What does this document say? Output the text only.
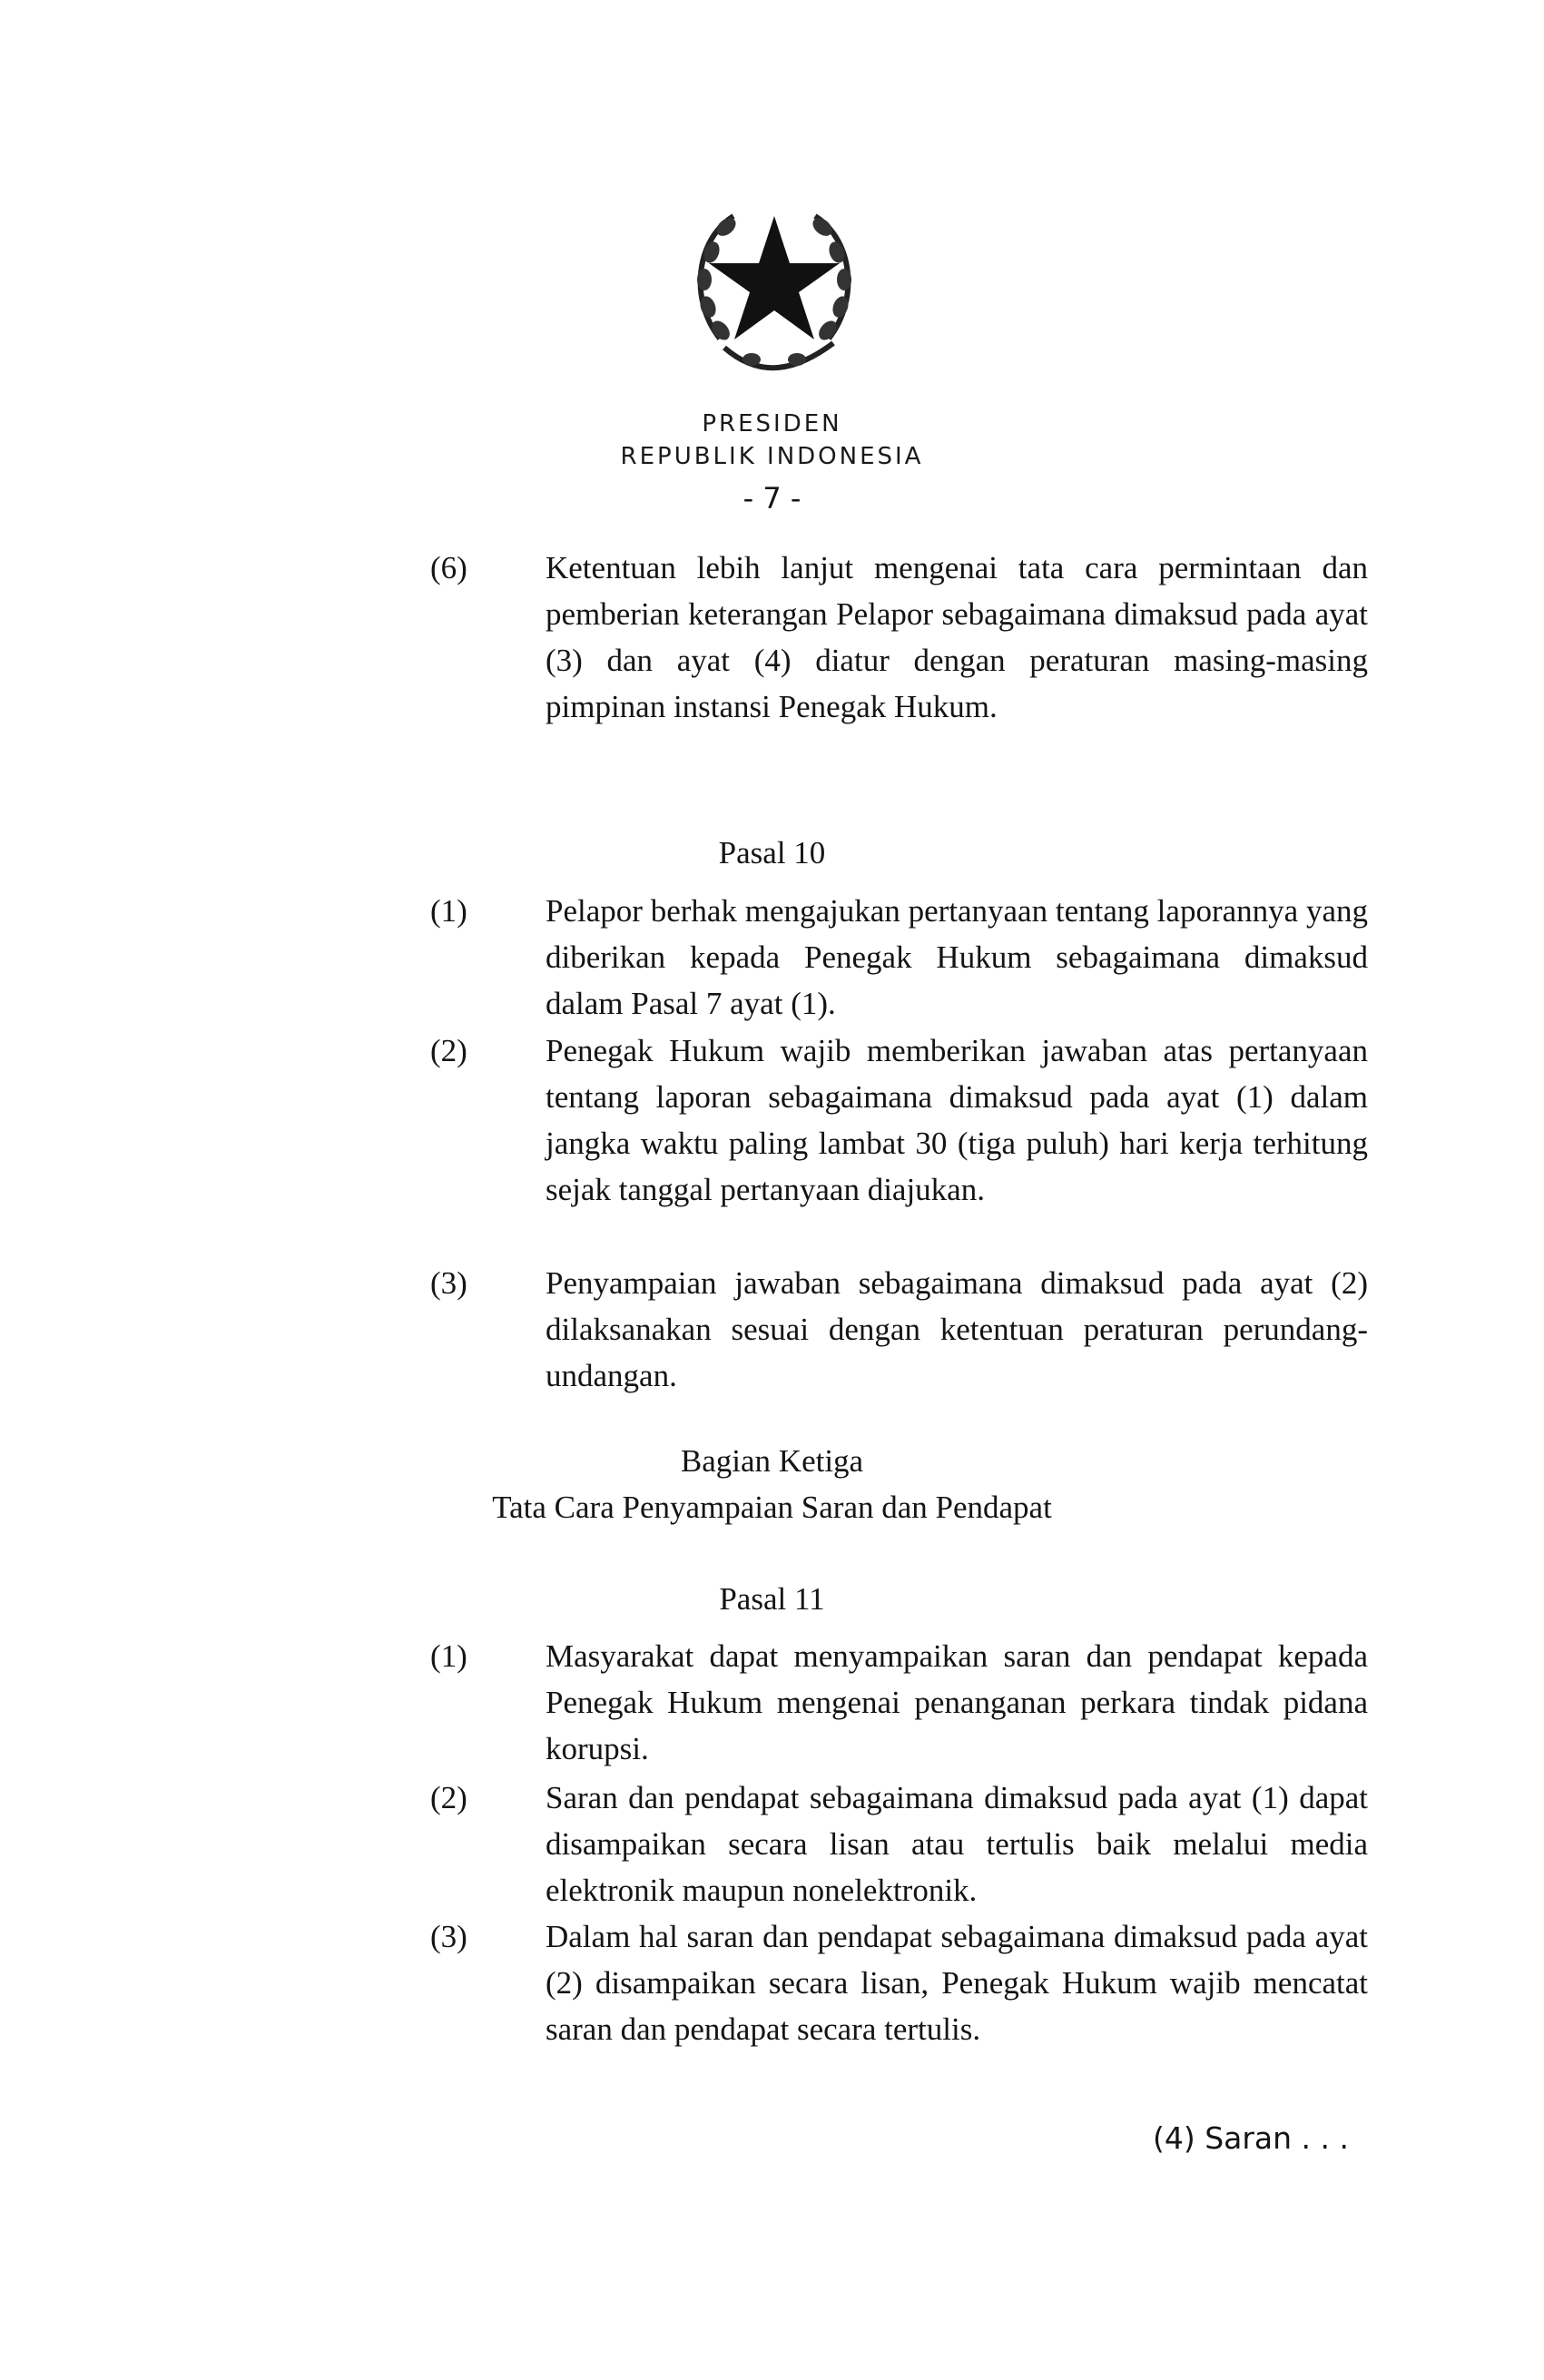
PRESIDEN
REPUBLIK INDONESIA
- 7 -
(6)	Ketentuan lebih lanjut mengenai tata cara permintaan dan pemberian keterangan Pelapor sebagaimana dimaksud pada ayat (3) dan ayat (4) diatur dengan peraturan masing-masing pimpinan instansi Penegak Hukum.
Pasal 10
(1)	Pelapor berhak mengajukan pertanyaan tentang laporannya yang diberikan kepada Penegak Hukum sebagaimana dimaksud dalam Pasal 7 ayat (1).
(2)	Penegak Hukum wajib memberikan jawaban atas pertanyaan tentang laporan sebagaimana dimaksud pada ayat (1) dalam jangka waktu paling lambat 30 (tiga puluh) hari kerja terhitung sejak tanggal pertanyaan diajukan.
(3)	Penyampaian jawaban sebagaimana dimaksud pada ayat (2) dilaksanakan sesuai dengan ketentuan peraturan perundang-undangan.
Bagian Ketiga
Tata Cara Penyampaian Saran dan Pendapat
Pasal 11
(1)	Masyarakat dapat menyampaikan saran dan pendapat kepada Penegak Hukum mengenai penanganan perkara tindak pidana korupsi.
(2)	Saran dan pendapat sebagaimana dimaksud pada ayat (1) dapat disampaikan secara lisan atau tertulis baik melalui media elektronik maupun nonelektronik.
(3)	Dalam hal saran dan pendapat sebagaimana dimaksud pada ayat (2) disampaikan secara lisan, Penegak Hukum wajib mencatat saran dan pendapat secara tertulis.
(4) Saran . . .
